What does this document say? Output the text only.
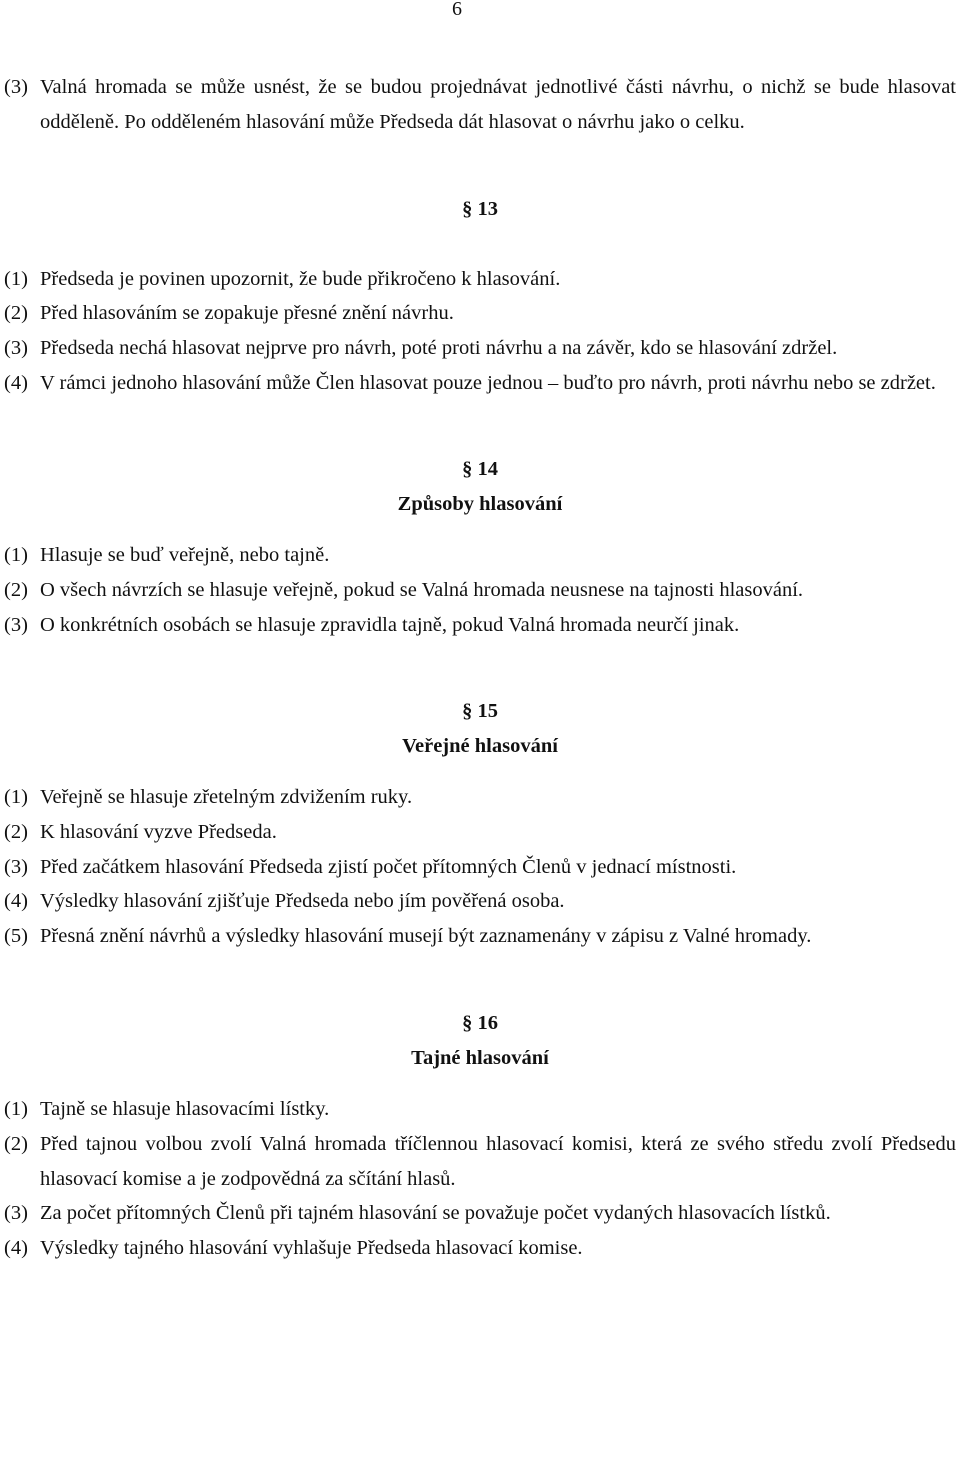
6
(3) Valná hromada se může usnést, že se budou projednávat jednotlivé části návrhu, o nichž se bude hlasovat odděleně. Po odděleném hlasování může Předseda dát hlasovat o návrhu jako o celku.
§ 13
(1) Předseda je povinen upozornit, že bude přikročeno k hlasování.
(2) Před hlasováním se zopakuje přesné znění návrhu.
(3) Předseda nechá hlasovat nejprve pro návrh, poté proti návrhu a na závěr, kdo se hlasování zdržel.
(4) V rámci jednoho hlasování může Člen hlasovat pouze jednou – buďto pro návrh, proti návrhu nebo se zdržet.
§ 14
Způsoby hlasování
(1) Hlasuje se buď veřejně, nebo tajně.
(2) O všech návrzích se hlasuje veřejně, pokud se Valná hromada neusnese na tajnosti hlasování.
(3) O konkrétních osobách se hlasuje zpravidla tajně, pokud Valná hromada neurčí jinak.
§ 15
Veřejné hlasování
(1) Veřejně se hlasuje zřetelným zdvižením ruky.
(2) K hlasování vyzve Předseda.
(3) Před začátkem hlasování Předseda zjistí počet přítomných Členů v jednací místnosti.
(4) Výsledky hlasování zjišťuje Předseda nebo jím pověřená osoba.
(5) Přesná znění návrhů a výsledky hlasování musejí být zaznamenány v zápisu z Valné hromady.
§ 16
Tajné hlasování
(1) Tajně se hlasuje hlasovacími lístky.
(2) Před tajnou volbou zvolí Valná hromada tříčlennou hlasovací komisi, která ze svého středu zvolí Předsedu hlasovací komise a je zodpovědná za sčítání hlasů.
(3) Za počet přítomných Členů při tajném hlasování se považuje počet vydaných hlasovacích lístků.
(4) Výsledky tajného hlasování vyhlašuje Předseda hlasovací komise.
